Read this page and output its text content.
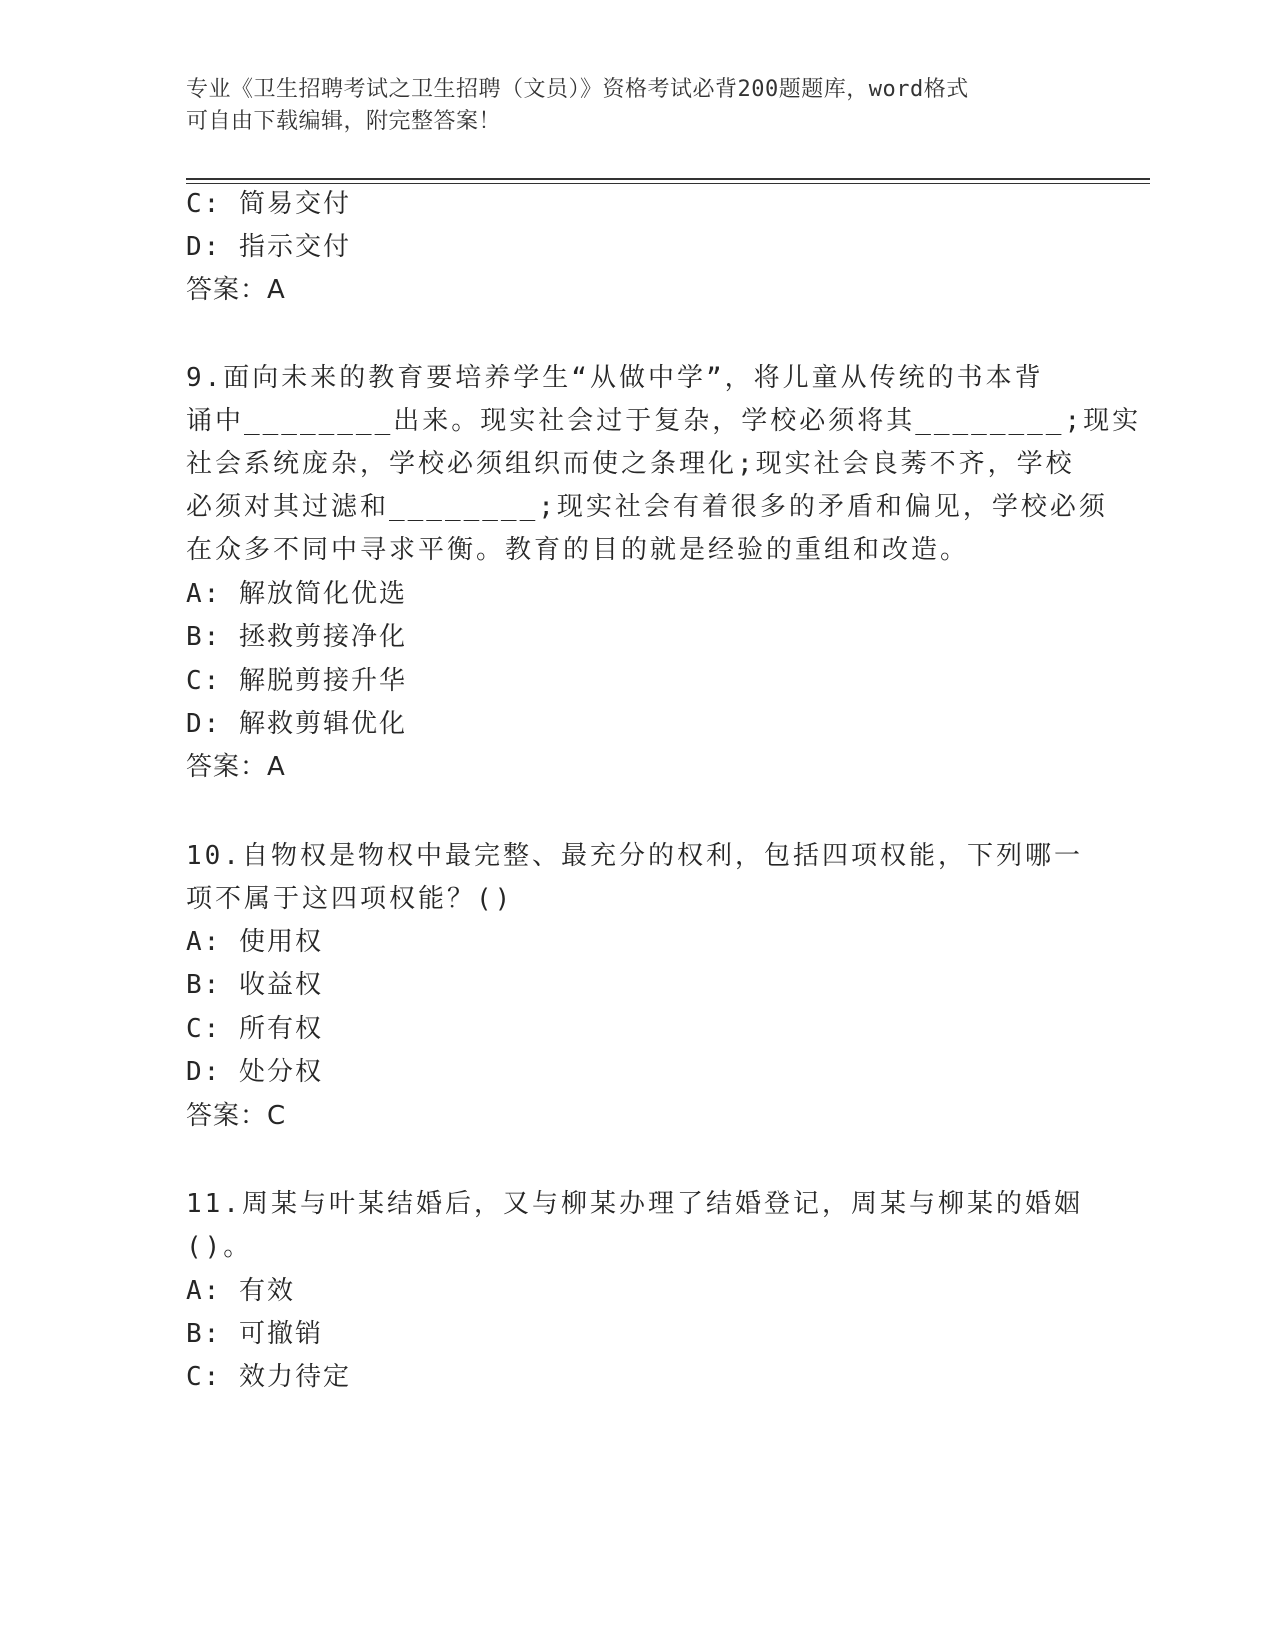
专业《卫生招聘考试之卫生招聘（文员）》资格考试必背200题题库，word格式
可自由下载编辑，附完整答案！
C: 简易交付
D: 指示交付
答案：A
9.面向未来的教育要培养学生“从做中学”，将儿童从传统的书本背
诵中________出来。现实社会过于复杂，学校必须将其________;现实
社会系统庞杂，学校必须组织而使之条理化;现实社会良莠不齐，学校
必须对其过滤和________;现实社会有着很多的矛盾和偏见，学校必须
在众多不同中寻求平衡。教育的目的就是经验的重组和改造。
A: 解放简化优选
B: 拯救剪接净化
C: 解脱剪接升华
D: 解救剪辑优化
答案：A
10.自物权是物权中最完整、最充分的权利，包括四项权能，下列哪一
项不属于这四项权能？()
A: 使用权
B: 收益权
C: 所有权
D: 处分权
答案：C
11.周某与叶某结婚后，又与柳某办理了结婚登记，周某与柳某的婚姻
()。
A: 有效
B: 可撤销
C: 效力待定
